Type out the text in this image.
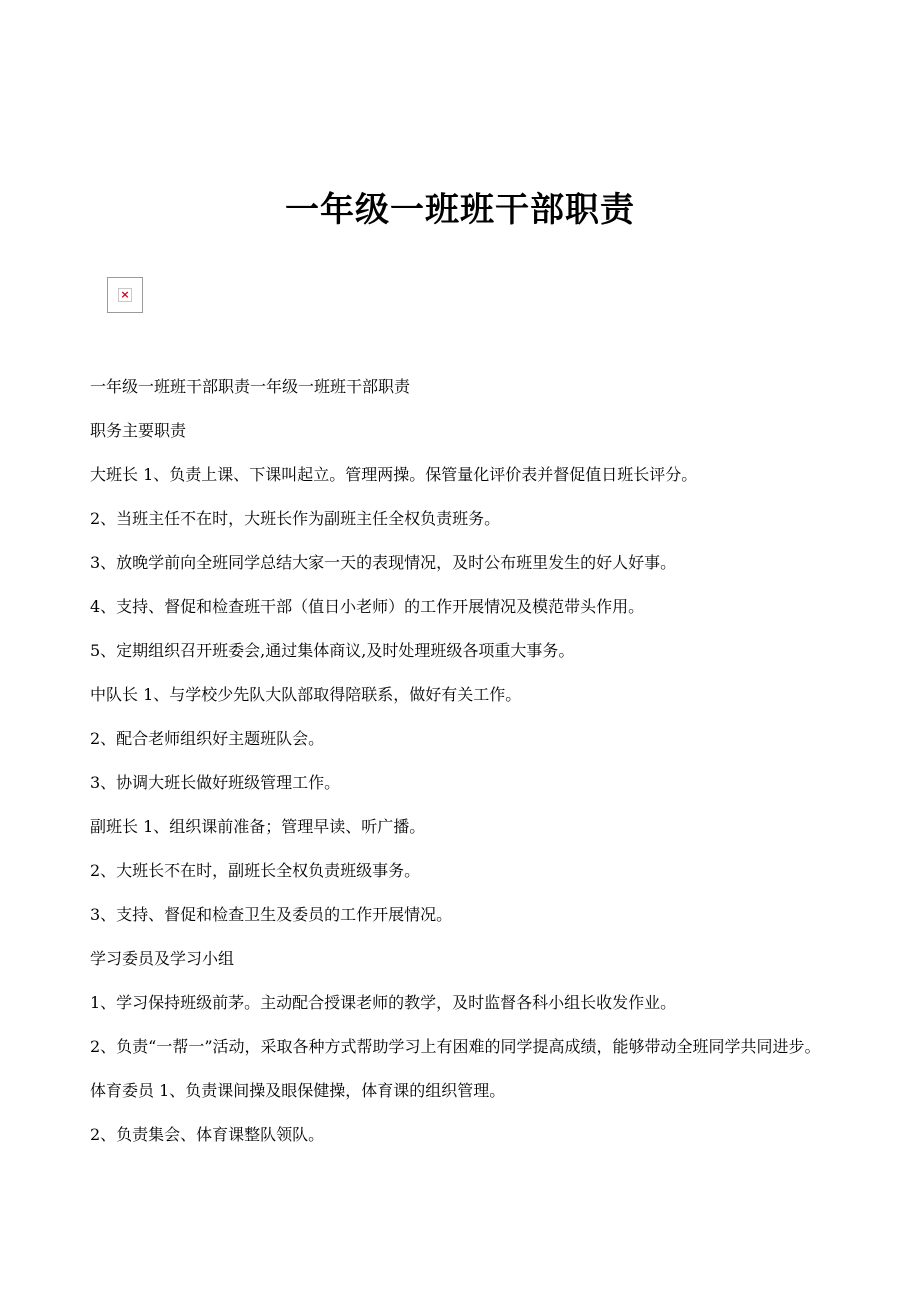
一年级一班班干部职责
×

一年级一班班干部职责一年级一班班干部职责

职务主要职责

大班长 1、负责上课、下课叫起立。管理两操。保管量化评价表并督促值日班长评分。

2、当班主任不在时，大班长作为副班主任全权负责班务。

3、放晚学前向全班同学总结大家一天的表现情况，及时公布班里发生的好人好事。

4、支持、督促和检查班干部（值日小老师）的工作开展情况及模范带头作用。

5、定期组织召开班委会,通过集体商议,及时处理班级各项重大事务。

中队长 1、与学校少先队大队部取得陪联系，做好有关工作。

2、配合老师组织好主题班队会。

3、协调大班长做好班级管理工作。

副班长 1、组织课前准备；管理早读、听广播。

2、大班长不在时，副班长全权负责班级事务。

3、支持、督促和检查卫生及委员的工作开展情况。

学习委员及学习小组

1、学习保持班级前茅。主动配合授课老师的教学，及时监督各科小组长收发作业。

2、负责“一帮一”活动，采取各种方式帮助学习上有困难的同学提高成绩，能够带动全班同学共同进步。

体育委员 1、负责课间操及眼保健操，体育课的组织管理。

2、负责集会、体育课整队领队。
